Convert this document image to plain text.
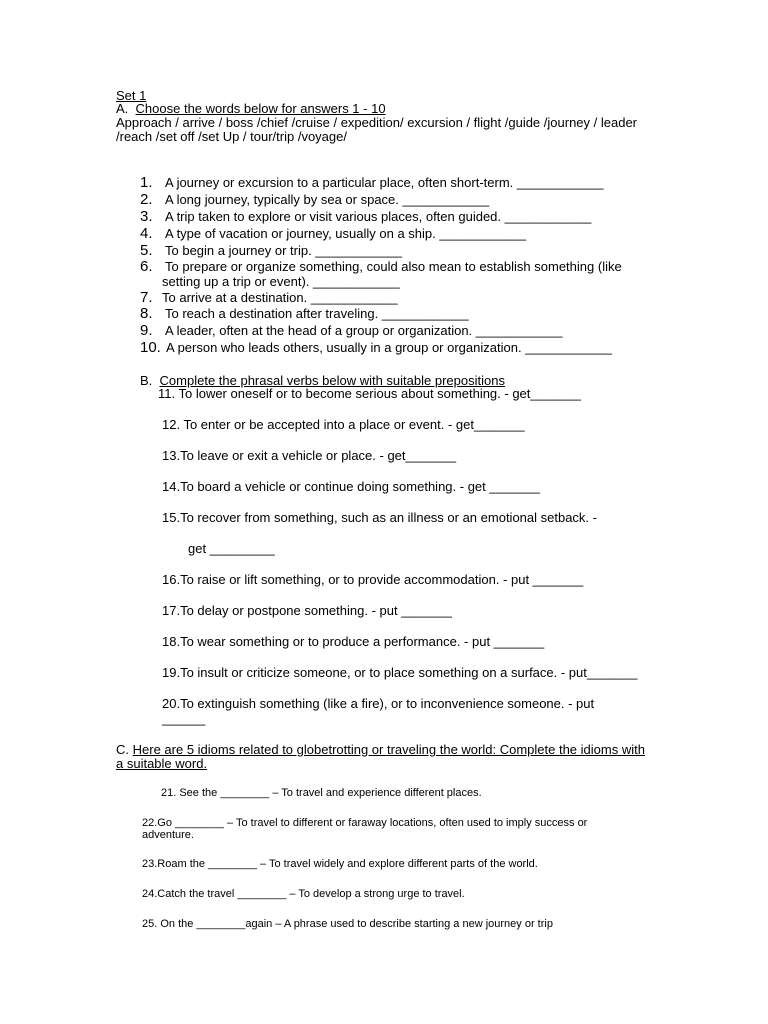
Set 1
A. Choose the words below for answers 1 - 10
Approach / arrive / boss /chief /cruise / expedition/ excursion / flight /guide /journey / leader
/reach /set off /set Up / tour/trip /voyage/
1. A journey or excursion to a particular place, often short-term. ____________
2. A long journey, typically by sea or space. ____________
3. A trip taken to explore or visit various places, often guided. ____________
4. A type of vacation or journey, usually on a ship. ____________
5. To begin a journey or trip. ____________
6. To prepare or organize something, could also mean to establish something (like
setting up a trip or event). ____________
7. To arrive at a destination. ____________
8. To reach a destination after traveling. ____________
9. A leader, often at the head of a group or organization. ____________
10. A person who leads others, usually in a group or organization. ____________
B. Complete the phrasal verbs below with suitable prepositions
11. To lower oneself or to become serious about something. - get_______
12. To enter or be accepted into a place or event. - get_______
13.To leave or exit a vehicle or place. - get_______
14.To board a vehicle or continue doing something. - get _______
15.To recover from something, such as an illness or an emotional setback. -
get _________
16.To raise or lift something, or to provide accommodation. - put _______
17.To delay or postpone something. - put _______
18.To wear something or to produce a performance. - put _______
19.To insult or criticize someone, or to place something on a surface. - put_______
20.To extinguish something (like a fire), or to inconvenience someone. - put
______
C. Here are 5 idioms related to globetrotting or traveling the world: Complete the idioms with
a suitable word.
21. See the ________ – To travel and experience different places.
22.Go ________ – To travel to different or faraway locations, often used to imply success or
adventure.
23.Roam the ________ – To travel widely and explore different parts of the world.
24.Catch the travel ________ – To develop a strong urge to travel.
25. On the ________again – A phrase used to describe starting a new journey or trip
